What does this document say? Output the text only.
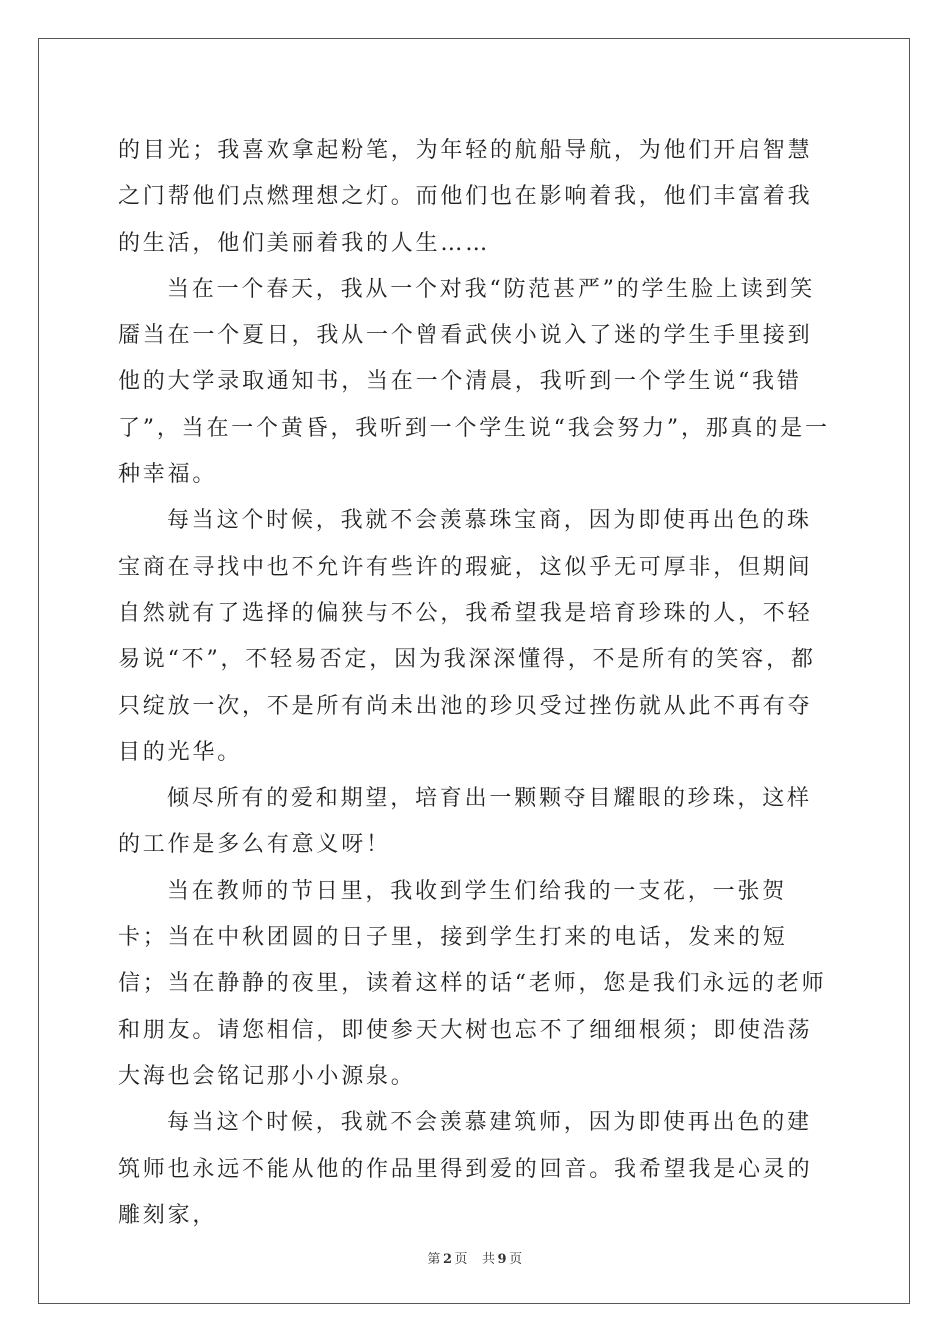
的目光；我喜欢拿起粉笔，为年轻的航船导航，为他们开启智慧之门帮他们点燃理想之灯。而他们也在影响着我，他们丰富着我的生活，他们美丽着我的人生……

当在一个春天，我从一个对我“防范甚严”的学生脸上读到笑靥当在一个夏日，我从一个曾看武侠小说入了迷的学生手里接到他的大学录取通知书，当在一个清晨，我听到一个学生说“我错了”，当在一个黄昏，我听到一个学生说“我会努力”，那真的是一种幸福。

每当这个时候，我就不会羡慕珠宝商，因为即使再出色的珠宝商在寻找中也不允许有些许的瑕疵，这似乎无可厚非，但期间自然就有了选择的偏狭与不公，我希望我是培育珍珠的人，不轻易说“不”，不轻易否定，因为我深深懂得，不是所有的笑容，都只绽放一次，不是所有尚未出池的珍贝受过挫伤就从此不再有夺目的光华。

倾尽所有的爱和期望，培育出一颗颗夺目耀眼的珍珠，这样的工作是多么有意义呀！

当在教师的节日里，我收到学生们给我的一支花，一张贺卡；当在中秋团圆的日子里，接到学生打来的电话，发来的短信；当在静静的夜里，读着这样的话“老师，您是我们永远的老师和朋友。请您相信，即使参天大树也忘不了细细根须；即使浩荡大海也会铭记那小小源泉。

每当这个时候，我就不会羡慕建筑师，因为即使再出色的建筑师也永远不能从他的作品里得到爱的回音。我希望我是心灵的雕刻家，

第 2 页 共 9 页
